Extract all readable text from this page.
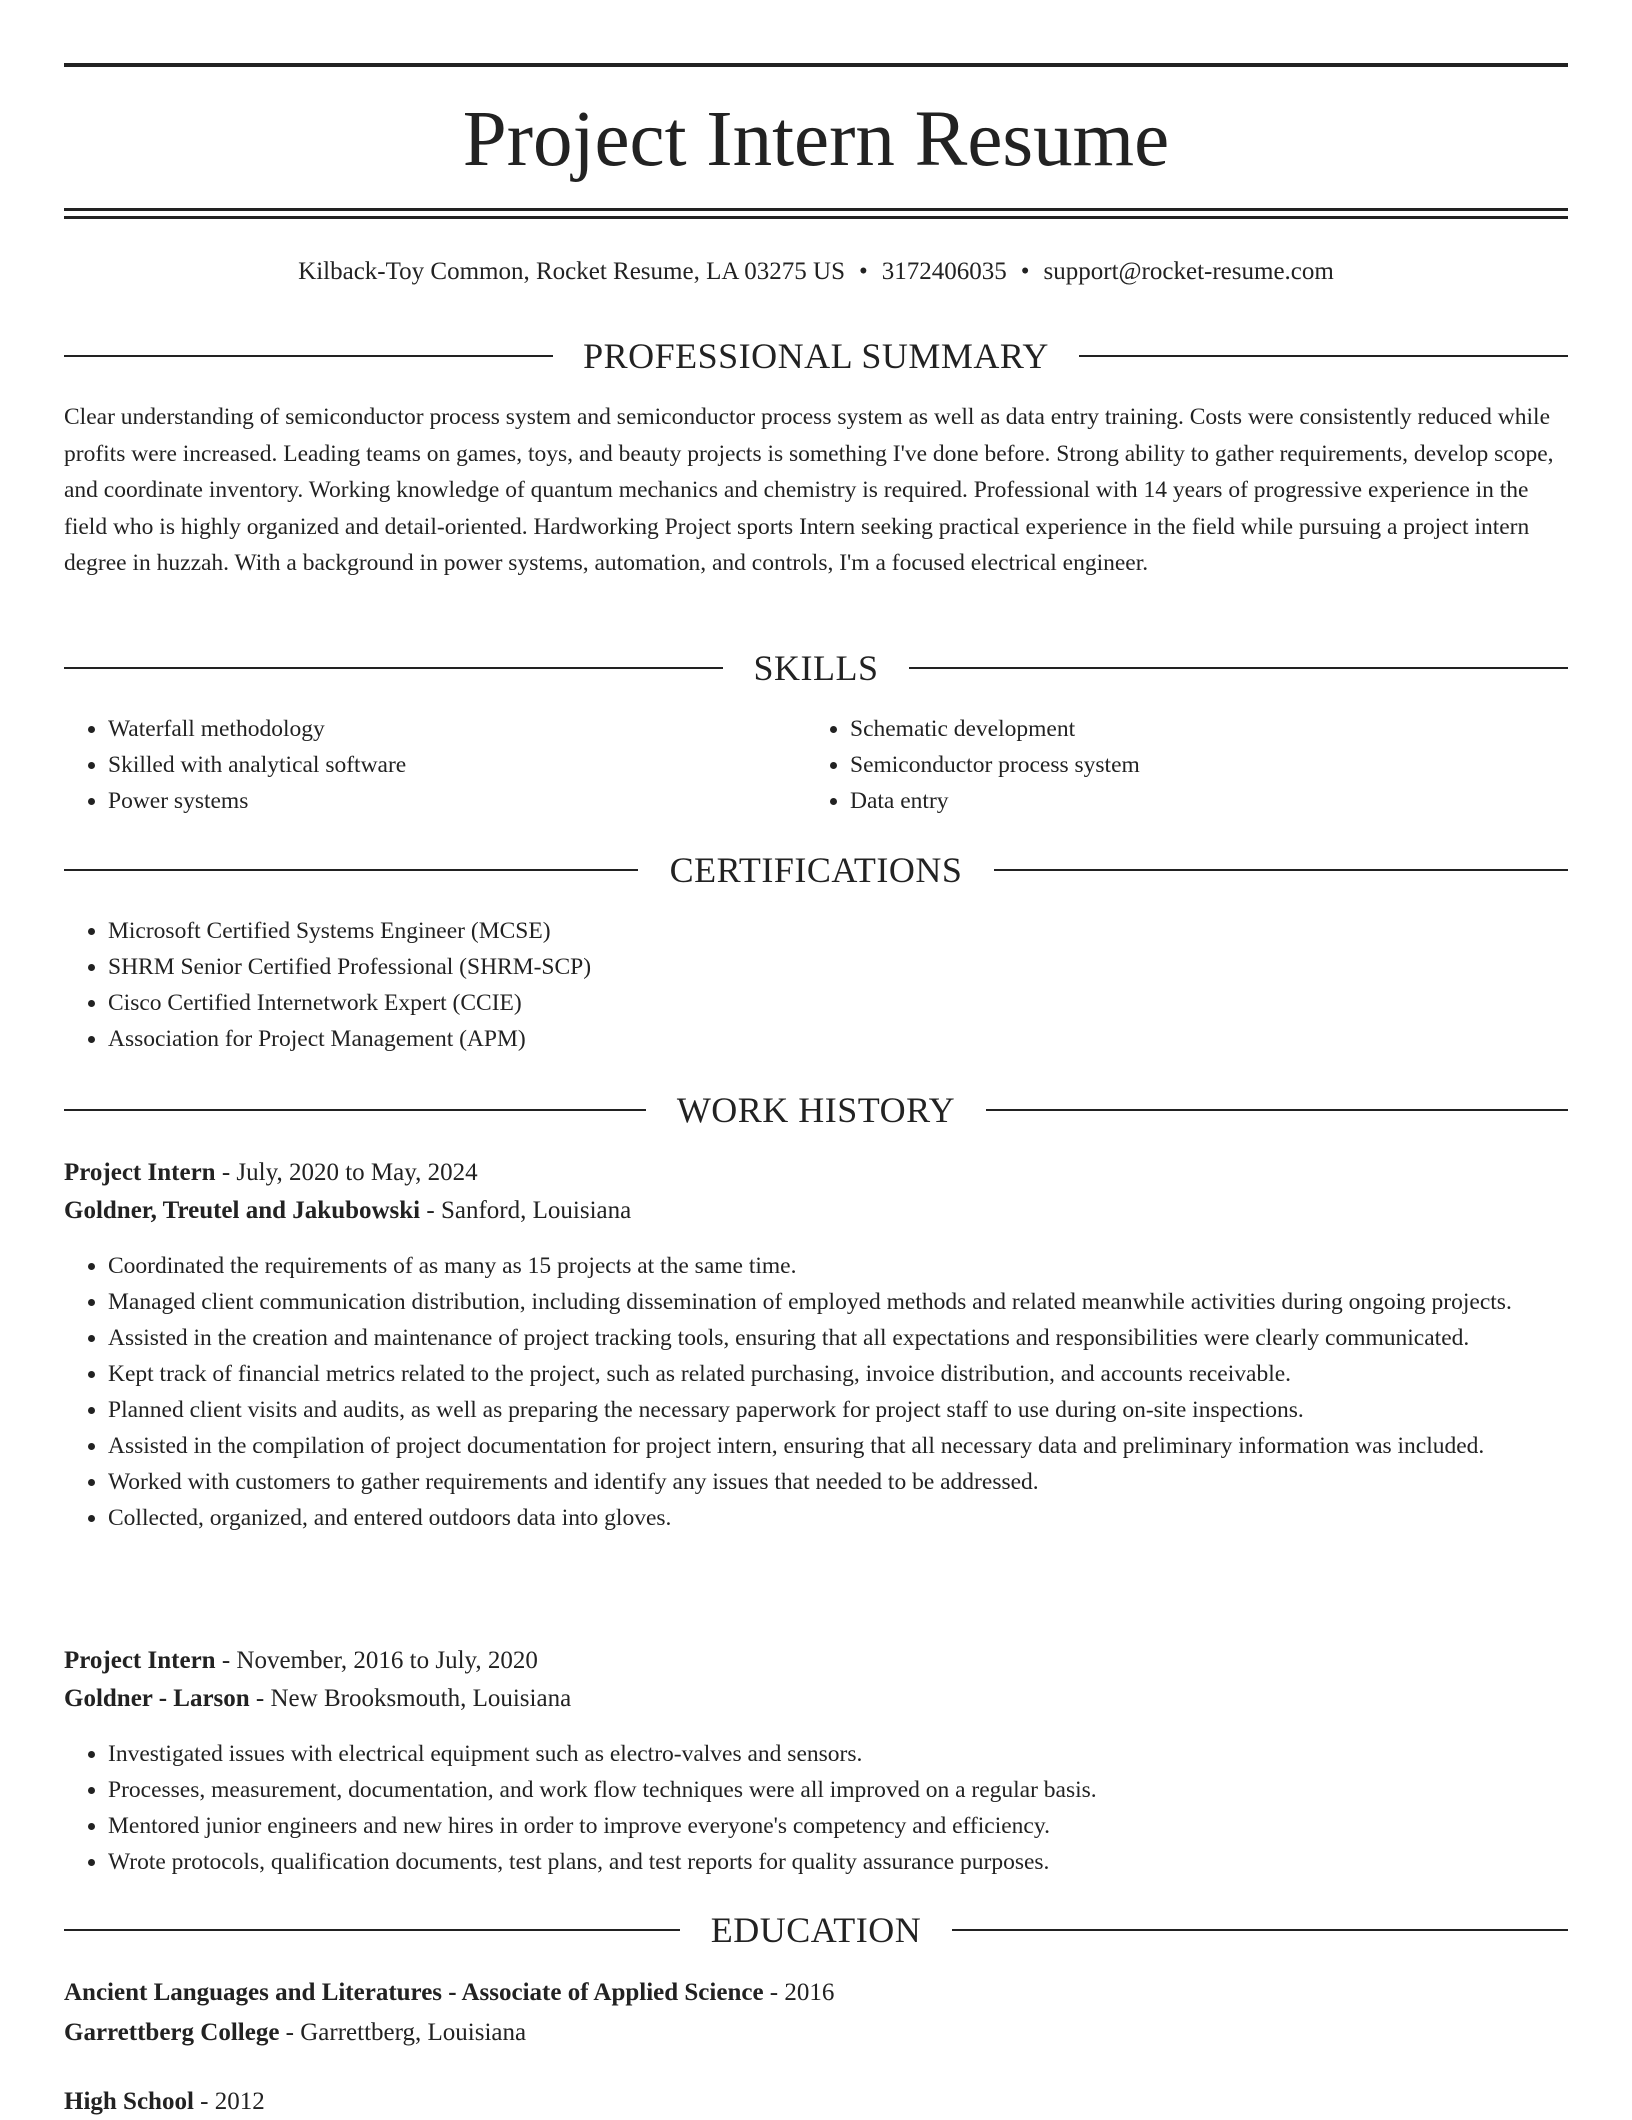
Project Intern Resume
Kilback-Toy Common, Rocket Resume, LA 03275 US • 3172406035 • support@rocket-resume.com
PROFESSIONAL SUMMARY

Clear understanding of semiconductor process system and semiconductor process system as well as data entry training. Costs were consistently reduced while profits were increased. Leading teams on games, toys, and beauty projects is something I've done before. Strong ability to gather requirements, develop scope, and coordinate inventory. Working knowledge of quantum mechanics and chemistry is required. Professional with 14 years of progressive experience in the field who is highly organized and detail-oriented. Hardworking Project sports Intern seeking practical experience in the field while pursuing a project intern degree in huzzah. With a background in power systems, automation, and controls, I'm a focused electrical engineer.

SKILLS
• Waterfall methodology
• Skilled with analytical software
• Power systems
• Schematic development
• Semiconductor process system
• Data entry
CERTIFICATIONS
• Microsoft Certified Systems Engineer (MCSE)
• SHRM Senior Certified Professional (SHRM-SCP)
• Cisco Certified Internetwork Expert (CCIE)
• Association for Project Management (APM)
WORK HISTORY
Project Intern - July, 2020 to May, 2024
Goldner, Treutel and Jakubowski - Sanford, Louisiana
• Coordinated the requirements of as many as 15 projects at the same time.
• Managed client communication distribution, including dissemination of employed methods and related meanwhile activities during ongoing projects.
• Assisted in the creation and maintenance of project tracking tools, ensuring that all expectations and responsibilities were clearly communicated.
• Kept track of financial metrics related to the project, such as related purchasing, invoice distribution, and accounts receivable.
• Planned client visits and audits, as well as preparing the necessary paperwork for project staff to use during on-site inspections.
• Assisted in the compilation of project documentation for project intern, ensuring that all necessary data and preliminary information was included.
• Worked with customers to gather requirements and identify any issues that needed to be addressed.
• Collected, organized, and entered outdoors data into gloves.
Project Intern - November, 2016 to July, 2020
Goldner - Larson - New Brooksmouth, Louisiana
• Investigated issues with electrical equipment such as electro-valves and sensors.
• Processes, measurement, documentation, and work flow techniques were all improved on a regular basis.
• Mentored junior engineers and new hires in order to improve everyone's competency and efficiency.
• Wrote protocols, qualification documents, test plans, and test reports for quality assurance purposes.
EDUCATION
Ancient Languages and Literatures - Associate of Applied Science - 2016
Garrettberg College - Garrettberg, Louisiana
High School - 2012
